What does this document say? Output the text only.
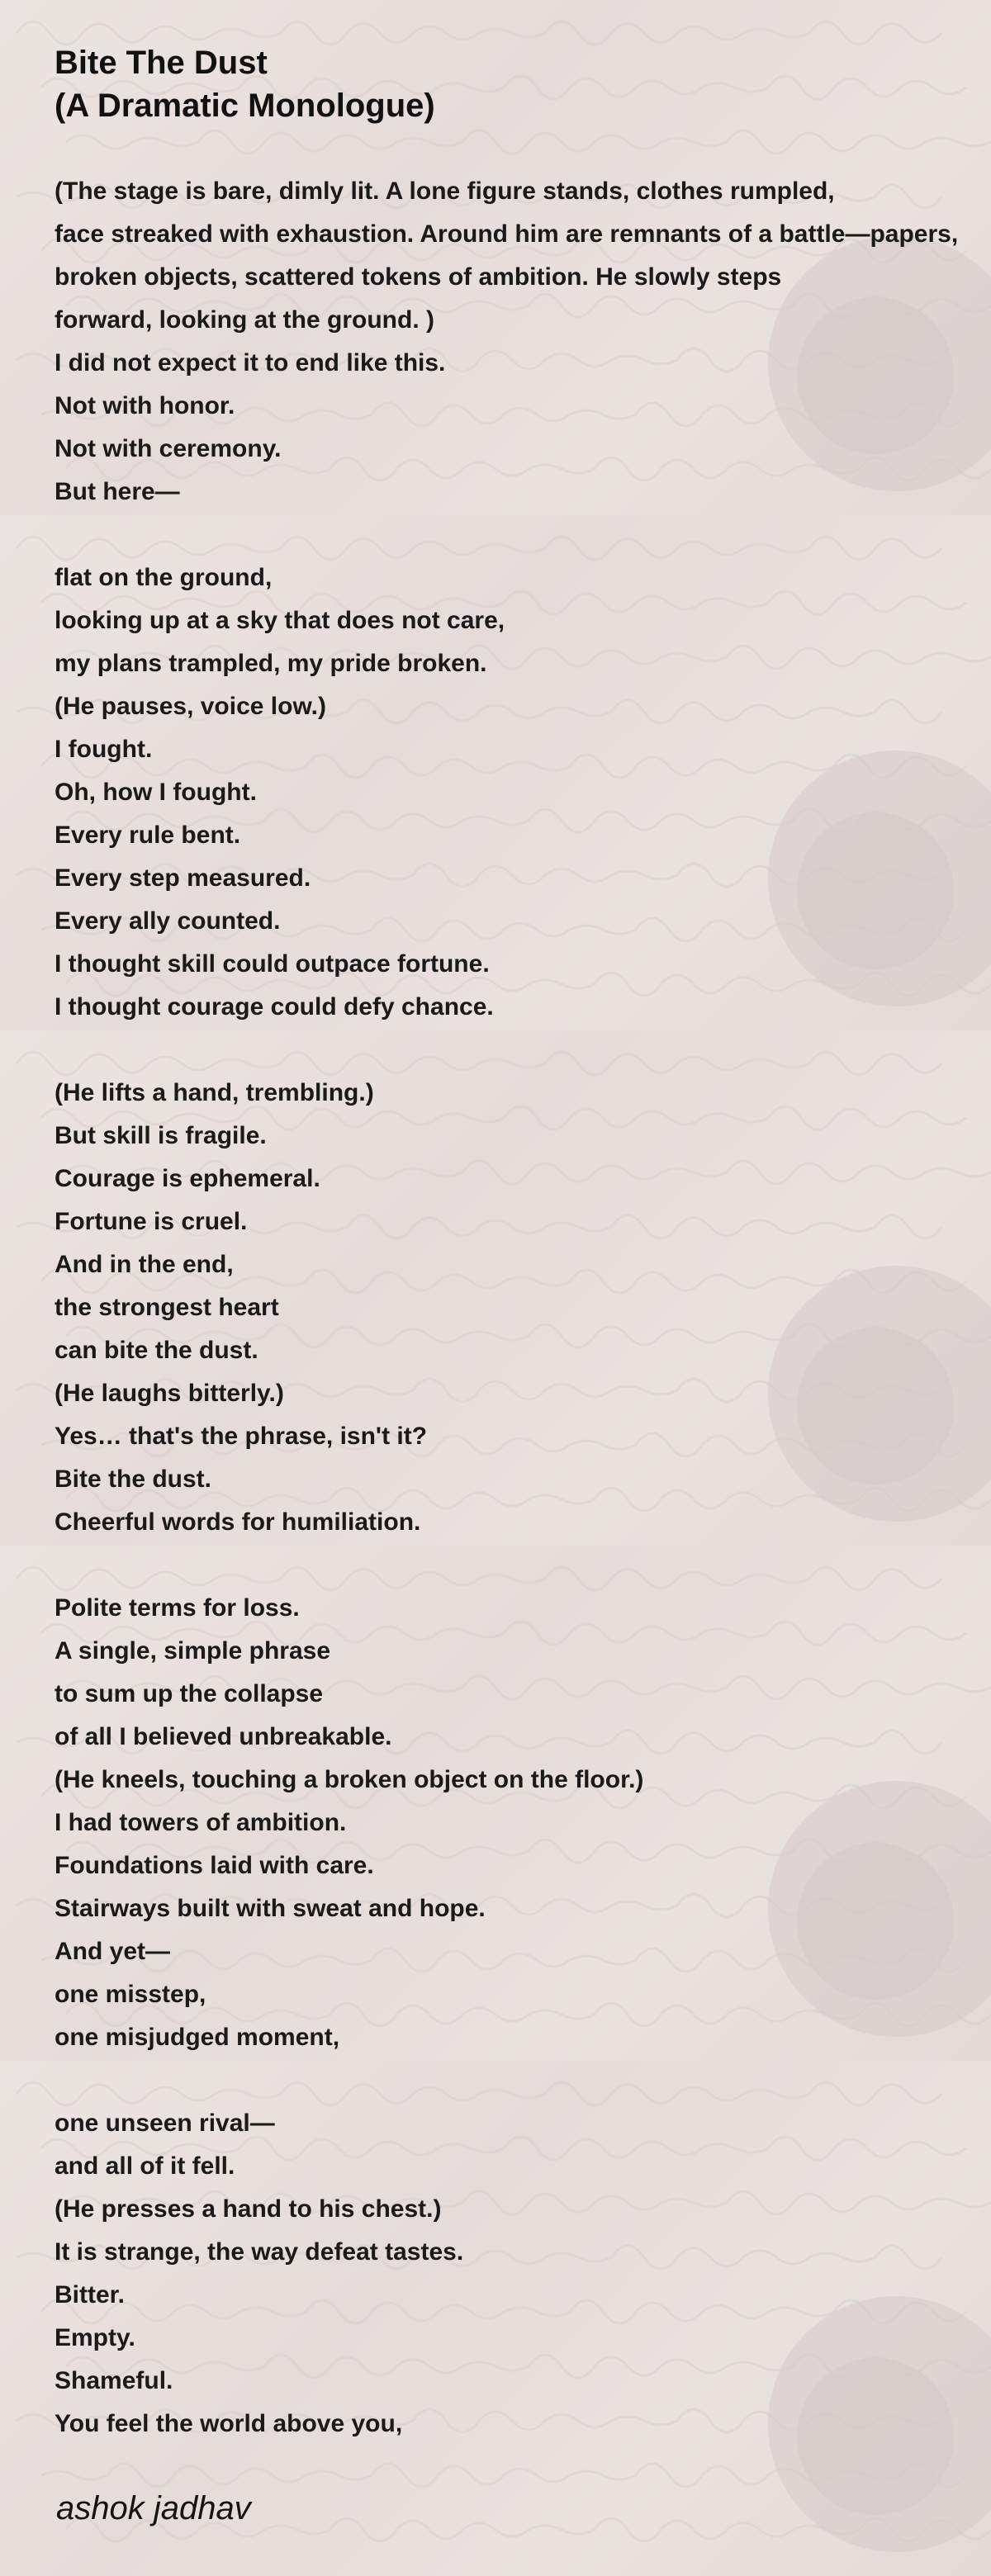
Bite The Dust
(A Dramatic Monologue)
(The stage is bare, dimly lit. A lone figure stands, clothes rumpled,
face streaked with exhaustion. Around him are remnants of a battle—papers,
broken objects, scattered tokens of ambition. He slowly steps
forward, looking at the ground. )
I did not expect it to end like this.
Not with honor.
Not with ceremony.
But here—
flat on the ground,
looking up at a sky that does not care,
my plans trampled, my pride broken.
(He pauses, voice low.)
I fought.
Oh, how I fought.
Every rule bent.
Every step measured.
Every ally counted.
I thought skill could outpace fortune.
I thought courage could defy chance.
(He lifts a hand, trembling.)
But skill is fragile.
Courage is ephemeral.
Fortune is cruel.
And in the end,
the strongest heart
can bite the dust.
(He laughs bitterly.)
Yes… that's the phrase, isn't it?
Bite the dust.
Cheerful words for humiliation.
Polite terms for loss.
A single, simple phrase
to sum up the collapse
of all I believed unbreakable.
(He kneels, touching a broken object on the floor.)
I had towers of ambition.
Foundations laid with care.
Stairways built with sweat and hope.
And yet—
one misstep,
one misjudged moment,
one unseen rival—
and all of it fell.
(He presses a hand to his chest.)
It is strange, the way defeat tastes.
Bitter.
Empty.
Shameful.
You feel the world above you,
ashok jadhav
